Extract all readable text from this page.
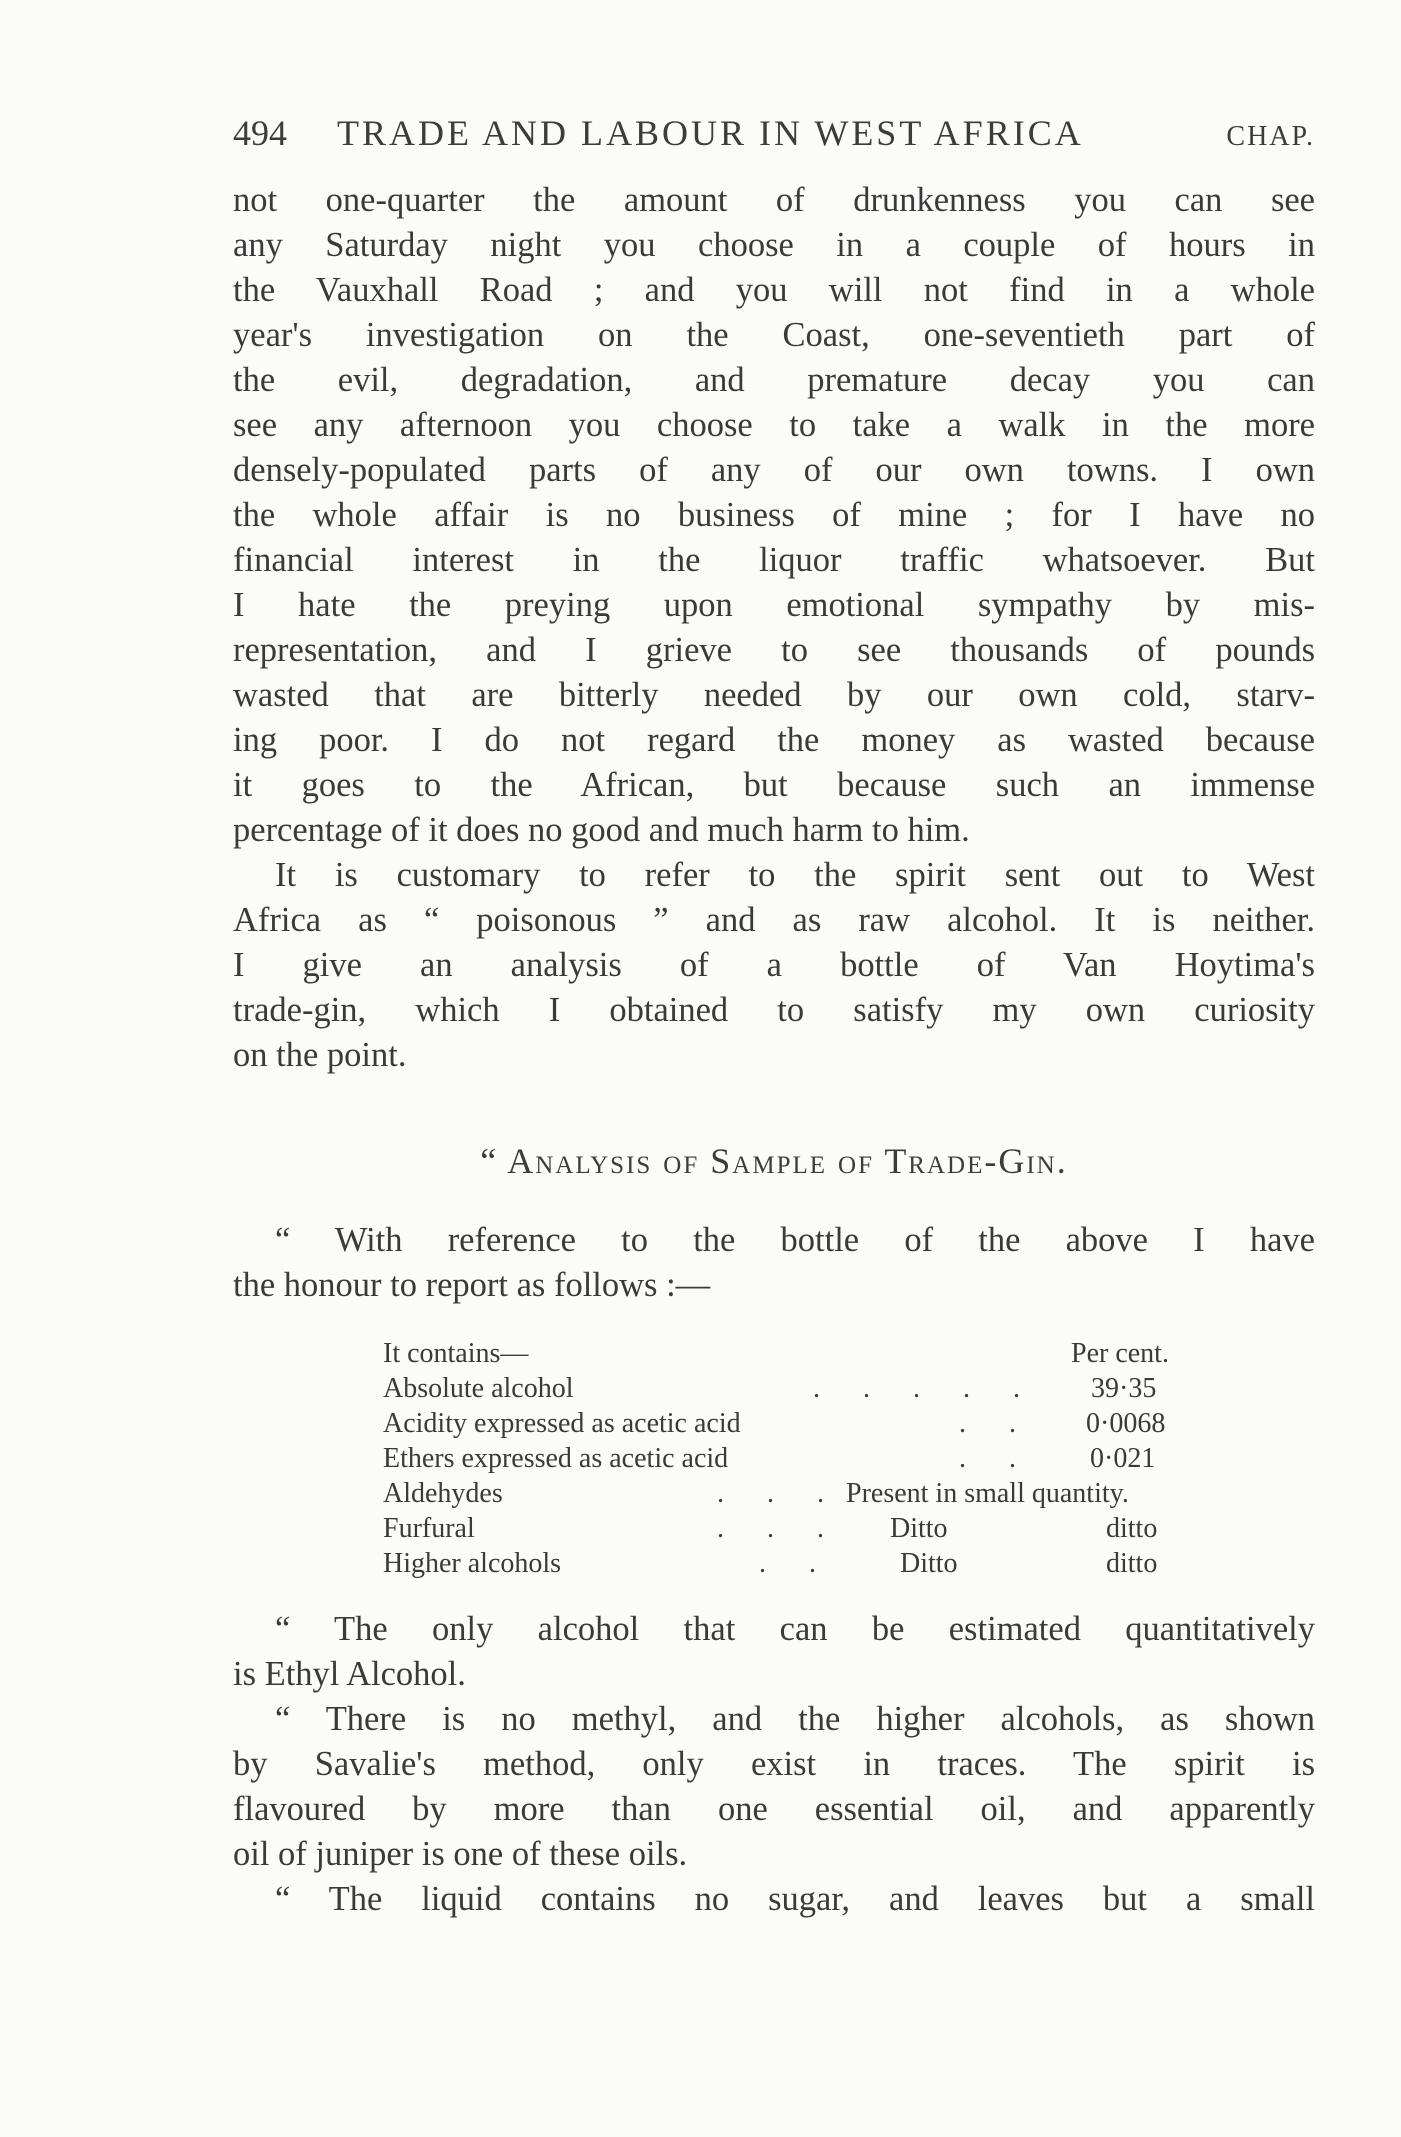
494 TRADE AND LABOUR IN WEST AFRICA	CHAP.
not one-quarter the amount of drunkenness you can see
any Saturday night you choose in a couple of hours in
the Vauxhall Road ; and you will not find in a whole
year's investigation on the Coast, one-seventieth part of
the evil, degradation, and premature decay you can
see any afternoon you choose to take a walk in the more
densely-populated parts of any of our own towns. I own
the whole affair is no business of mine ; for I have no
financial interest in the liquor traffic whatsoever. But
I hate the preying upon emotional sympathy by mis-
representation, and I grieve to see thousands of pounds
wasted that are bitterly needed by our own cold, starv-
ing poor. I do not regard the money as wasted because
it goes to the African, but because such an immense
percentage of it does no good and much harm to him.
It is customary to refer to the spirit sent out to West
Africa as “ poisonous ” and as raw alcohol. It is neither.
I give an analysis of a bottle of Van Hoytima's
trade-gin, which I obtained to satisfy my own curiosity
on the point.
“ Analysis of Sample of Trade-Gin.
“ With reference to the bottle of the above I have
the honour to report as follows :—
It contains—	Per cent.
Absolute alcohol	. . . . . 39·35
Acidity expressed as acetic acid	. . 0·0068
Ethers expressed as acetic acid	. . 0·021
Aldehydes	. . . Present in small quantity.
Furfural	. . . Ditto	ditto
Higher alcohols	. . Ditto	ditto
“ The only alcohol that can be estimated quantitatively
is Ethyl Alcohol.
“ There is no methyl, and the higher alcohols, as shown
by Savalie's method, only exist in traces. The spirit is
flavoured by more than one essential oil, and apparently
oil of juniper is one of these oils.
“ The liquid contains no sugar, and leaves but a small
